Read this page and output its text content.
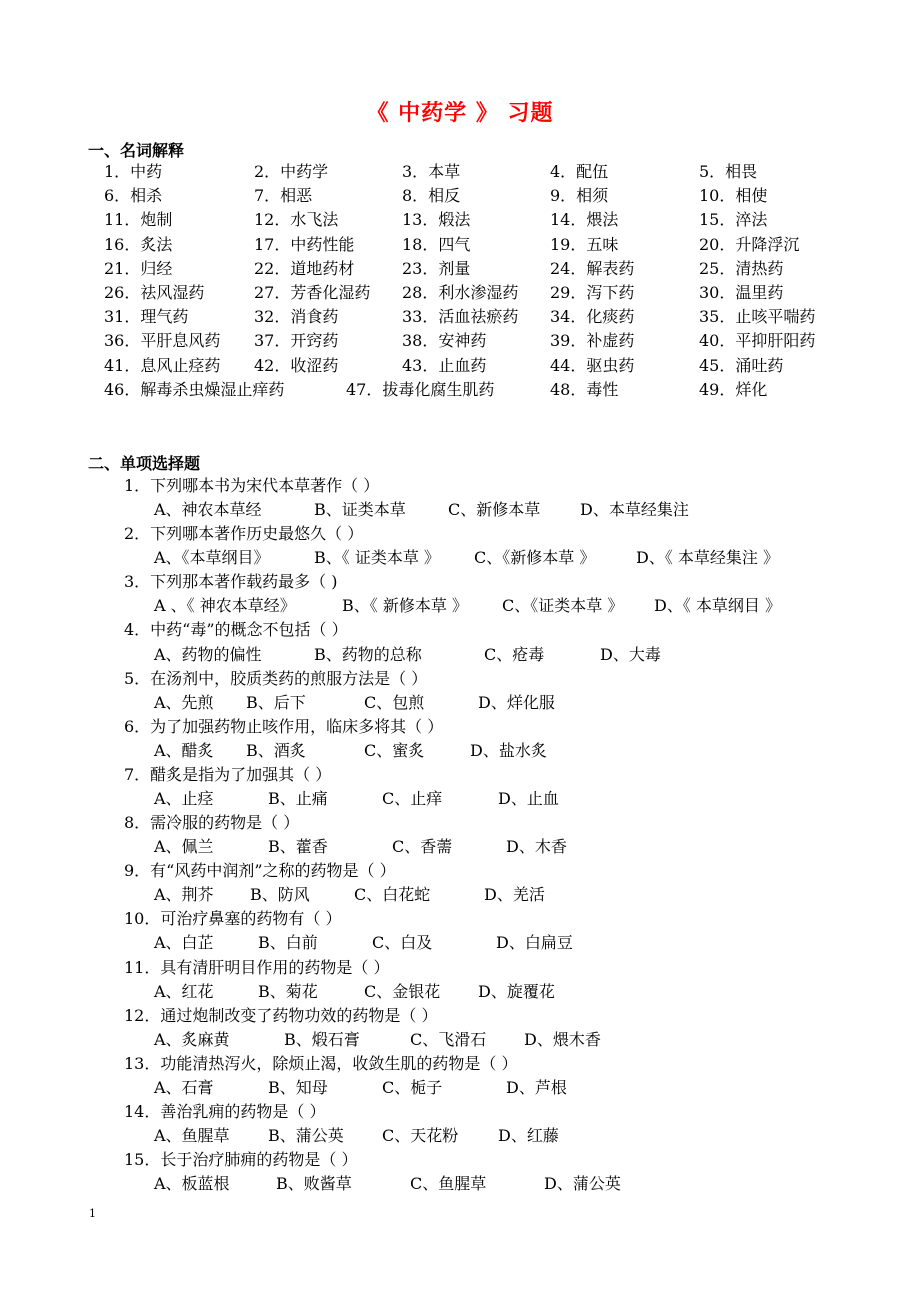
《 中药学 》 习题
一、名词解释
1．中药	2．中药学	3．本草	4．配伍	5．相畏
6．相杀	7．相恶	8．相反	9．相须	10．相使
11．炮制	12．水飞法	13．煅法	14．煨法	15．淬法
16．炙法	17．中药性能	18．四气	19．五味	20．升降浮沉
21．归经	22．道地药材	23．剂量	24．解表药	25．清热药
26．祛风湿药	27．芳香化湿药 28．利水渗湿药 29．泻下药	30．温里药
31．理气药	32．消食药	33．活血祛瘀药 34．化痰药	35．止咳平喘药
36．平肝息风药 37．开窍药	38．安神药	39．补虚药	40．平抑肝阳药
41．息风止痉药 42．收涩药	43．止血药	44．驱虫药	45．涌吐药
46．解毒杀虫燥湿止痒药	47．拔毒化腐生肌药	48．毒性	49．烊化
二、单项选择题
1．下列哪本书为宋代本草著作（ ）
A、神农本草经	B、证类本草	C、新修本草 D、本草经集注
2．下列哪本著作历史最悠久（ ）
A、《本草纲目》	B、《 证类本草 》 C、《新修本草 》	D、《 本草经集注 》
3．下列那本著作载药最多（ )
A 、《 神农本草经》	B、《 新修本草 》 C、《证类本草 》 D、《 本草纲目 》
4．中药“毒”的概念不包括（ ）
A、药物的偏性	B、药物的总称	C、疮毒	D、大毒
5．在汤剂中，胶质类药的煎服方法是（ ）
A、先煎 B、后下	C、包煎	D、烊化服
6．为了加强药物止咳作用，临床多将其（ ）
A、醋炙 B、酒炙	C、蜜炙	D、盐水炙
7．醋炙是指为了加强其（ ）
A、止痉	B、止痛	C、止痒	D、止血
8．需冷服的药物是（ ）
A、佩兰	B、藿香	C、香薷	D、木香
9．有“风药中润剂”之称的药物是（ ）
A、荆芥 B、防风	C、白花蛇	D、羌活
10．可治疗鼻塞的药物有（ ）
A、白芷	B、白前	C、白及	D、白扁豆
11．具有清肝明目作用的药物是（ ）
A、红花	B、菊花	C、金银花 D、旋覆花
12．通过炮制改变了药物功效的药物是（ ）
A、炙麻黄	B、煅石膏	C、飞滑石 D、煨木香
13．功能清热泻火，除烦止渴，收敛生肌的药物是（ ）
A、石膏	B、知母	C、栀子	D、芦根
14．善治乳痈的药物是（ ）
A、鱼腥草 B、蒲公英 C、天花粉 D、红藤
15．长于治疗肺痈的药物是（ ）
A、板蓝根	B、败酱草	C、鱼腥草	D、蒲公英
1
